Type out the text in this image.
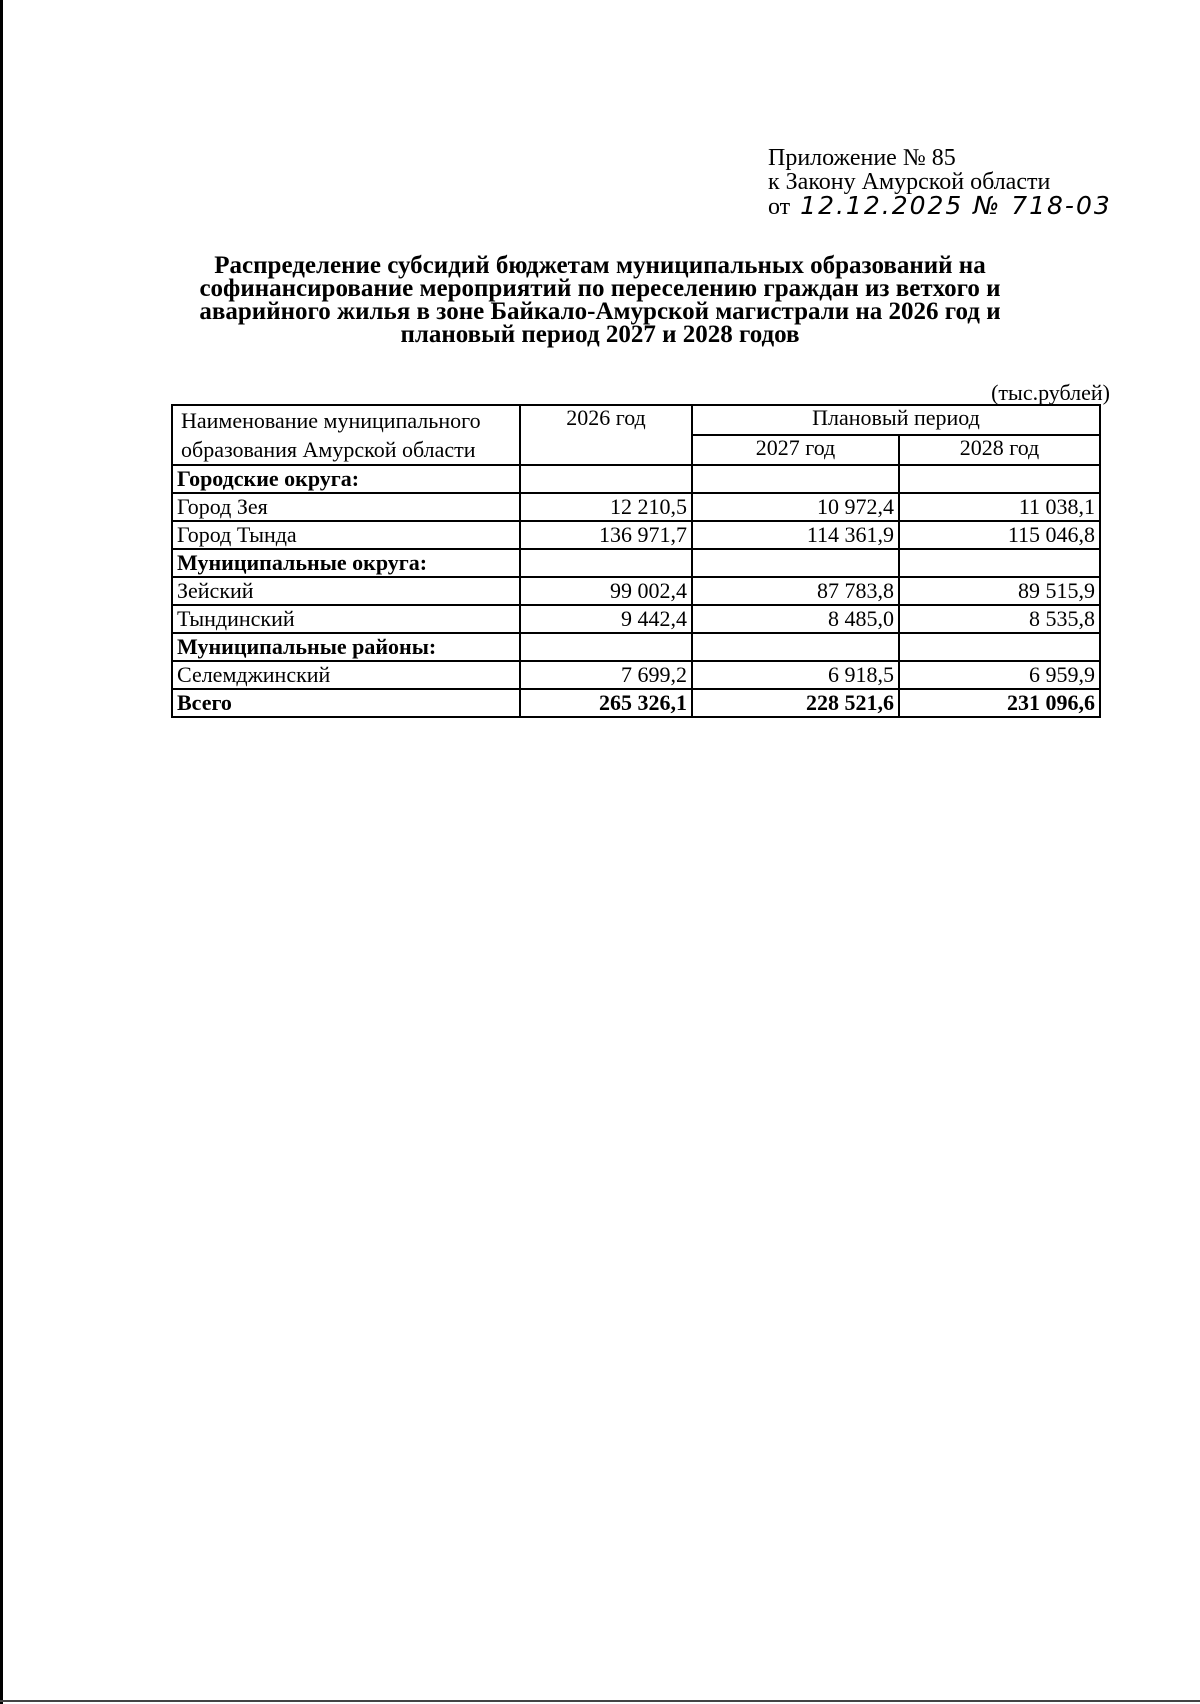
Приложение № 85
к Закону Амурской области
от 12.12.2025 № 718-03
Распределение субсидий бюджетам муниципальных образований на
софинансирование мероприятий по переселению граждан из ветхого и
аварийного жилья в зоне Байкало-Амурской магистрали на 2026 год и
плановый период 2027 и 2028 годов
(тыс.рублей)
Наименование муниципального образования Амурской области	2026 год	Плановый период	
		2027 год	2028 год
Городские округа:			
Город Зея	12 210,5	10 972,4	11 038,1
Город Тында	136 971,7	114 361,9	115 046,8
Муниципальные округа:			
Зейский	99 002,4	87 783,8	89 515,9
Тындинский	9 442,4	8 485,0	8 535,8
Муниципальные районы:			
Селемджинский	7 699,2	6 918,5	6 959,9
Всего	265 326,1	228 521,6	231 096,6
